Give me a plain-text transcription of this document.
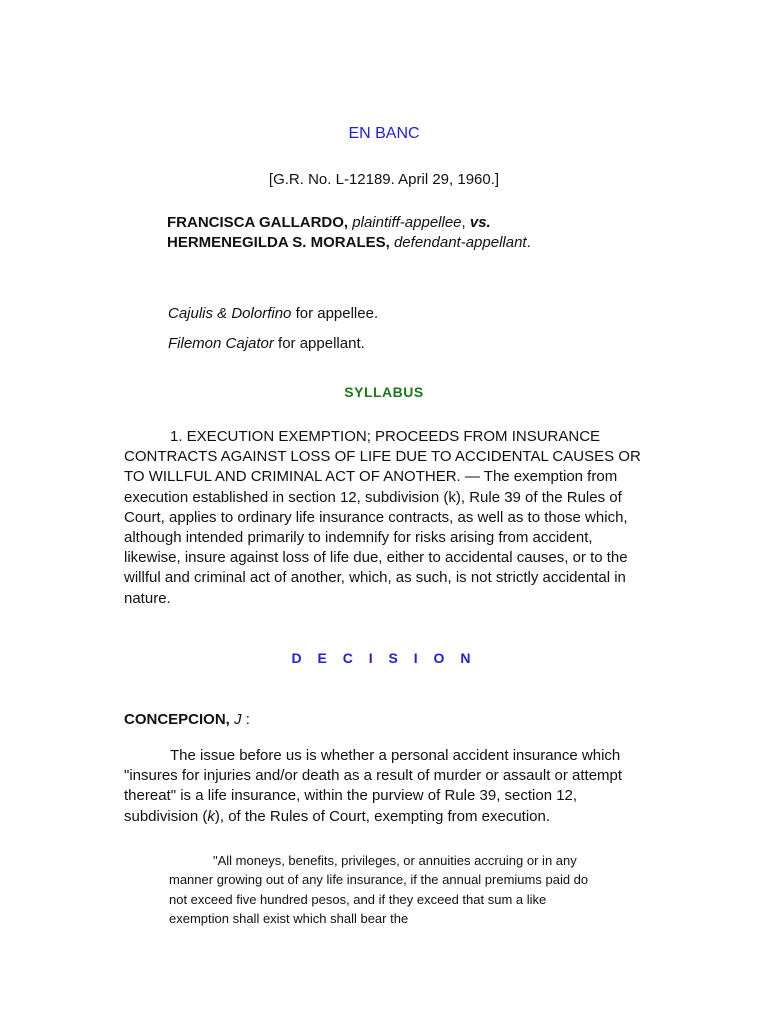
EN BANC
[G.R. No. L-12189. April 29, 1960.]
FRANCISCA GALLARDO, plaintiff-appellee, vs. HERMENEGILDA S. MORALES, defendant-appellant.
Cajulis & Dolorfino for appellee.
Filemon Cajator for appellant.
SYLLABUS
1. EXECUTION EXEMPTION; PROCEEDS FROM INSURANCE CONTRACTS AGAINST LOSS OF LIFE DUE TO ACCIDENTAL CAUSES OR TO WILLFUL AND CRIMINAL ACT OF ANOTHER. — The exemption from execution established in section 12, subdivision (k), Rule 39 of the Rules of Court, applies to ordinary life insurance contracts, as well as to those which, although intended primarily to indemnify for risks arising from accident, likewise, insure against loss of life due, either to accidental causes, or to the willful and criminal act of another, which, as such, is not strictly accidental in nature.
D E C I S I O N
CONCEPCION, J :
The issue before us is whether a personal accident insurance which "insures for injuries and/or death as a result of murder or assault or attempt thereat" is a life insurance, within the purview of Rule 39, section 12, subdivision (k), of the Rules of Court, exempting from execution.
"All moneys, benefits, privileges, or annuities accruing or in any manner growing out of any life insurance, if the annual premiums paid do not exceed five hundred pesos, and if they exceed that sum a like exemption shall exist which shall bear the
